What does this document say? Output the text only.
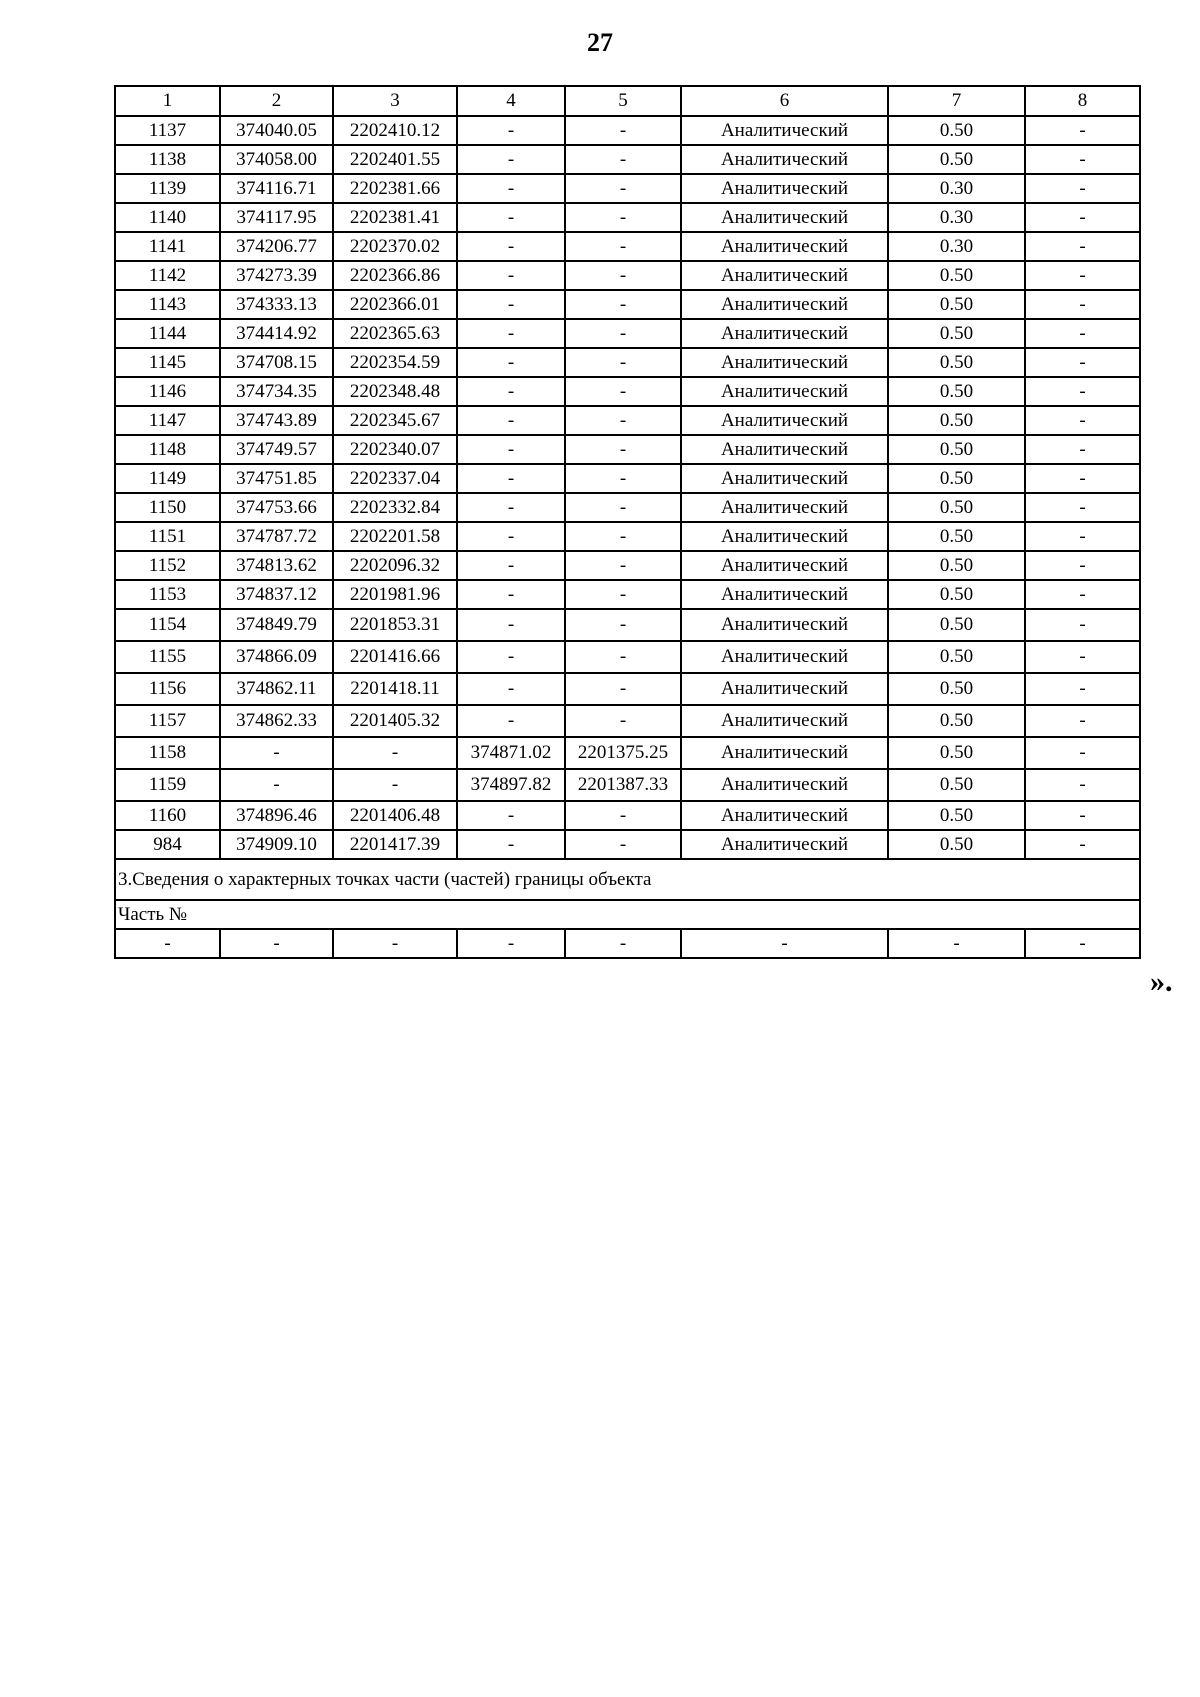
27
1	2	3	4	5	6	7	8
1137	374040.05	2202410.12	-	-	Аналитический	0.50	-
1138	374058.00	2202401.55	-	-	Аналитический	0.50	-
1139	374116.71	2202381.66	-	-	Аналитический	0.30	-
1140	374117.95	2202381.41	-	-	Аналитический	0.30	-
1141	374206.77	2202370.02	-	-	Аналитический	0.30	-
1142	374273.39	2202366.86	-	-	Аналитический	0.50	-
1143	374333.13	2202366.01	-	-	Аналитический	0.50	-
1144	374414.92	2202365.63	-	-	Аналитический	0.50	-
1145	374708.15	2202354.59	-	-	Аналитический	0.50	-
1146	374734.35	2202348.48	-	-	Аналитический	0.50	-
1147	374743.89	2202345.67	-	-	Аналитический	0.50	-
1148	374749.57	2202340.07	-	-	Аналитический	0.50	-
1149	374751.85	2202337.04	-	-	Аналитический	0.50	-
1150	374753.66	2202332.84	-	-	Аналитический	0.50	-
1151	374787.72	2202201.58	-	-	Аналитический	0.50	-
1152	374813.62	2202096.32	-	-	Аналитический	0.50	-
1153	374837.12	2201981.96	-	-	Аналитический	0.50	-
1154	374849.79	2201853.31	-	-	Аналитический	0.50	-
1155	374866.09	2201416.66	-	-	Аналитический	0.50	-
1156	374862.11	2201418.11	-	-	Аналитический	0.50	-
1157	374862.33	2201405.32	-	-	Аналитический	0.50	-
1158	-	-	374871.02	2201375.25	Аналитический	0.50	-
1159	-	-	374897.82	2201387.33	Аналитический	0.50	-
1160	374896.46	2201406.48	-	-	Аналитический	0.50	-
984	374909.10	2201417.39	-	-	Аналитический	0.50	-
3.Сведения о характерных точках части (частей) границы объекта							
Часть №							
-	-	-	-	-	-	-	-
».
